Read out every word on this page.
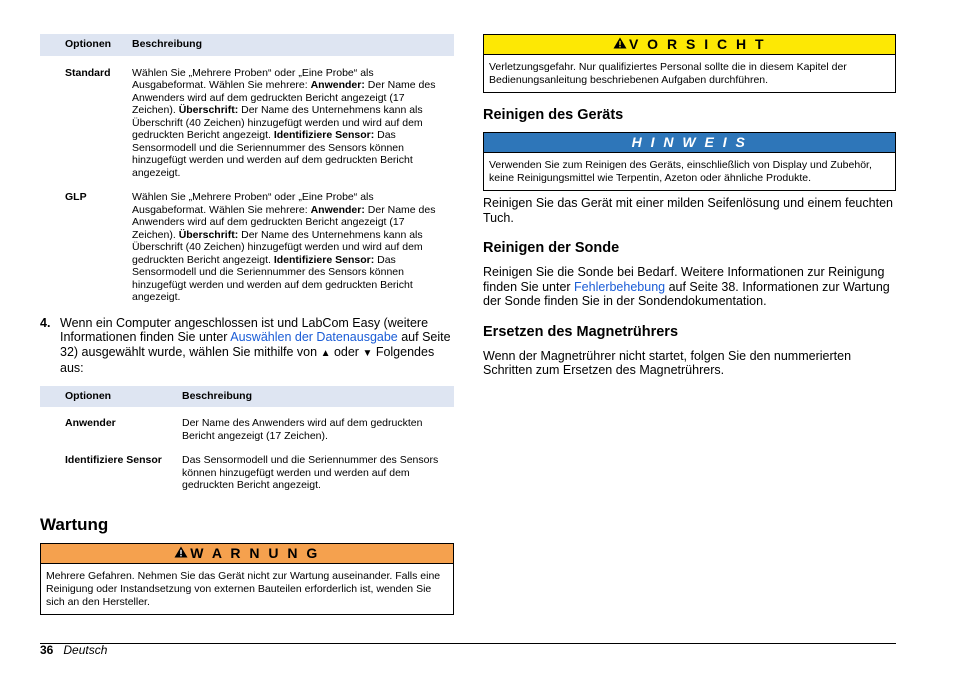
Optionen	Beschreibung
Standard	Wählen Sie „Mehrere Proben“ oder „Eine Probe“ als Ausgabeformat. Wählen Sie mehrere: Anwender: Der Name des Anwenders wird auf dem gedruckten Bericht angezeigt (17 Zeichen). Überschrift: Der Name des Unternehmens kann als Überschrift (40 Zeichen) hinzugefügt werden und wird auf dem gedruckten Bericht angezeigt. Identifiziere Sensor: Das Sensormodell und die Seriennummer des Sensors können hinzugefügt werden und werden auf dem gedruckten Bericht angezeigt.
GLP	Wählen Sie „Mehrere Proben“ oder „Eine Probe“ als Ausgabeformat. Wählen Sie mehrere: Anwender: Der Name des Anwenders wird auf dem gedruckten Bericht angezeigt (17 Zeichen). Überschrift: Der Name des Unternehmens kann als Überschrift (40 Zeichen) hinzugefügt werden und wird auf dem gedruckten Bericht angezeigt. Identifiziere Sensor: Das Sensormodell und die Seriennummer des Sensors können hinzugefügt werden und werden auf dem gedruckten Bericht angezeigt.
4. Wenn ein Computer angeschlossen ist und LabCom Easy (weitere Informationen finden Sie unter Auswählen der Datenausgabe auf Seite 32) ausgewählt wurde, wählen Sie mithilfe von ▲ oder ▼ Folgendes aus:
Optionen	Beschreibung
Anwender	Der Name des Anwenders wird auf dem gedruckten Bericht angezeigt (17 Zeichen).
Identifiziere Sensor	Das Sensormodell und die Seriennummer des Sensors können hinzugefügt werden und werden auf dem gedruckten Bericht angezeigt.
Wartung
W A R N U N G
Mehrere Gefahren. Nehmen Sie das Gerät nicht zur Wartung auseinander. Falls eine Reinigung oder Instandsetzung von externen Bauteilen erforderlich ist, wenden Sie sich an den Hersteller.
V O R S I C H T
Verletzungsgefahr. Nur qualifiziertes Personal sollte die in diesem Kapitel der Bedienungsanleitung beschriebenen Aufgaben durchführen.
Reinigen des Geräts
H I N W E I S
Verwenden Sie zum Reinigen des Geräts, einschließlich von Display und Zubehör, keine Reinigungsmittel wie Terpentin, Azeton oder ähnliche Produkte.

Reinigen Sie das Gerät mit einer milden Seifenlösung und einem feuchten Tuch.

Reinigen der Sonde

Reinigen Sie die Sonde bei Bedarf. Weitere Informationen zur Reinigung finden Sie unter Fehlerbehebung auf Seite 38. Informationen zur Wartung der Sonde finden Sie in der Sondendokumentation.

Ersetzen des Magnetrührers

Wenn der Magnetrührer nicht startet, folgen Sie den nummerierten Schritten zum Ersetzen des Magnetrührers.

36 Deutsch
